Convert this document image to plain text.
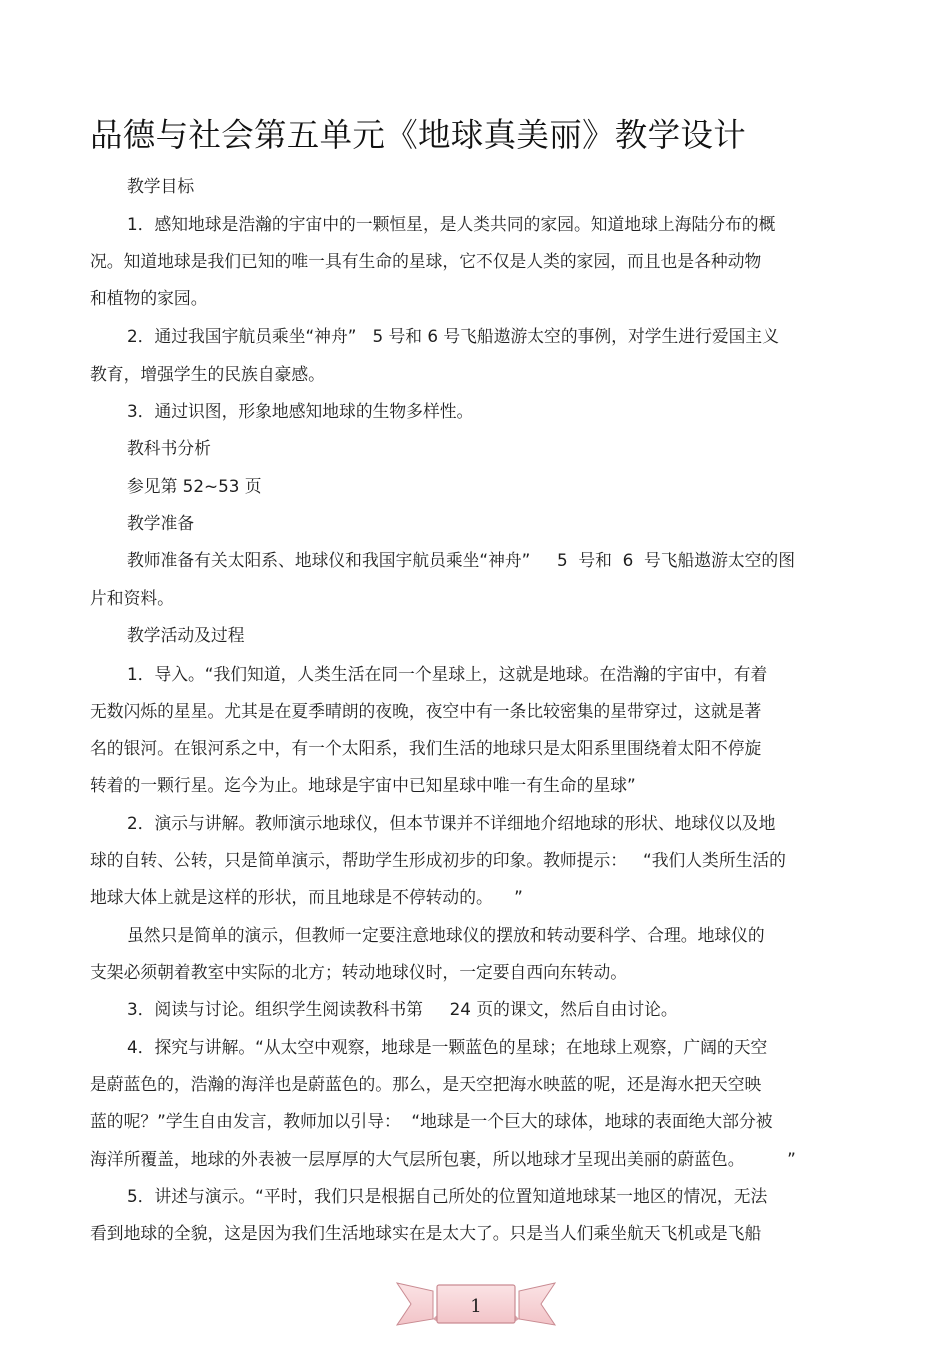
品德与社会第五单元《地球真美丽》教学设计
教学目标
1．感知地球是浩瀚的宇宙中的一颗恒星，是人类共同的家园。知道地球上海陆分布的概
况。知道地球是我们已知的唯一具有生命的星球，它不仅是人类的家园，而且也是各种动物
和植物的家园。
2．通过我国宇航员乘坐“神舟”   5 号和 6 号飞船遨游太空的事例，对学生进行爱国主义
教育，增强学生的民族自豪感。
3．通过识图，形象地感知地球的生物多样性。
教科书分析
参见第 52~53 页
教学准备
教师准备有关太阳系、地球仪和我国宇航员乘坐“神舟”     5  号和  6  号飞船遨游太空的图
片和资料。
教学活动及过程
1．导入。“我们知道，人类生活在同一个星球上，这就是地球。在浩瀚的宇宙中，有着
无数闪烁的星星。尤其是在夏季晴朗的夜晚，夜空中有一条比较密集的星带穿过，这就是著
名的银河。在银河系之中，有一个太阳系，我们生活的地球只是太阳系里围绕着太阳不停旋
转着的一颗行星。迄今为止。地球是宇宙中已知星球中唯一有生命的星球”
2．演示与讲解。教师演示地球仪，但本节课并不详细地介绍地球的形状、地球仪以及地
球的自转、公转，只是简单演示，帮助学生形成初步的印象。教师提示：   “我们人类所生活的
地球大体上就是这样的形状，而且地球是不停转动的。    ”
虽然只是简单的演示，但教师一定要注意地球仪的摆放和转动要科学、合理。地球仪的
支架必须朝着教室中实际的北方；转动地球仪时，一定要自西向东转动。
3．阅读与讨论。组织学生阅读教科书第     24 页的课文，然后自由讨论。
4．探究与讲解。“从太空中观察，地球是一颗蓝色的星球；在地球上观察，广阔的天空
是蔚蓝色的，浩瀚的海洋也是蔚蓝色的。那么，是天空把海水映蓝的呢，还是海水把天空映
蓝的呢？”学生自由发言，教师加以引导：  “地球是一个巨大的球体，地球的表面绝大部分被
海洋所覆盖，地球的外表被一层厚厚的大气层所包裹，所以地球才呈现出美丽的蔚蓝色。        ”
5．讲述与演示。“平时，我们只是根据自己所处的位置知道地球某一地区的情况，无法
看到地球的全貌，这是因为我们生活地球实在是太大了。只是当人们乘坐航天飞机或是飞船
1
